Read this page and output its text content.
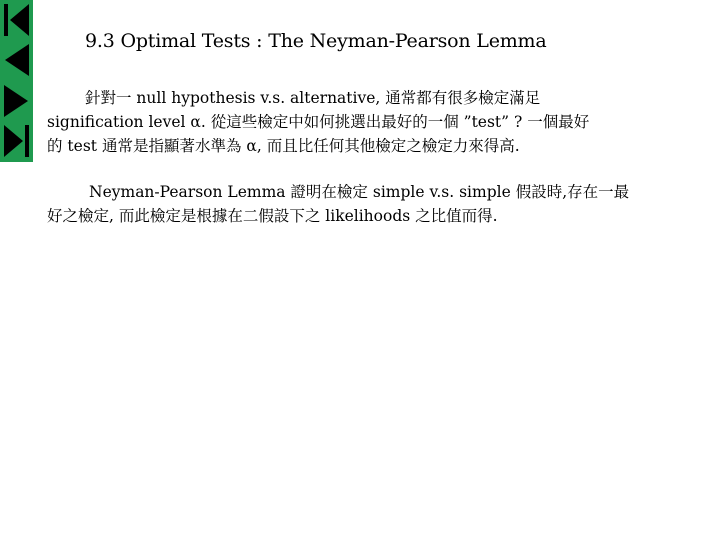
9.3 Optimal Tests : The Neyman-Pearson Lemma
針對一 null hypothesis v.s. alternative, 通常都有很多檢定滿足
signification level α. 從這些檢定中如何挑選出最好的一個 ”test” ? 一個最好
的 test 通常是指顯著水準為 α, 而且比任何其他檢定之檢定力來得高.
Neyman-Pearson Lemma 證明在檢定 simple v.s. simple 假設時,存在一最
好之檢定, 而此檢定是根據在二假設下之 likelihoods 之比值而得.
